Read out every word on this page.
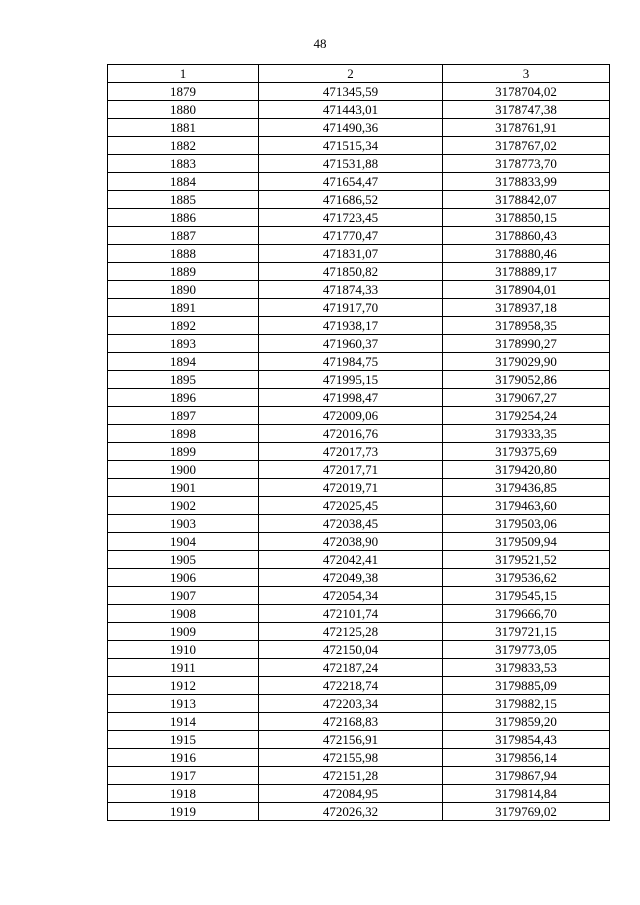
48
1	2	3
1879	471345,59	3178704,02
1880	471443,01	3178747,38
1881	471490,36	3178761,91
1882	471515,34	3178767,02
1883	471531,88	3178773,70
1884	471654,47	3178833,99
1885	471686,52	3178842,07
1886	471723,45	3178850,15
1887	471770,47	3178860,43
1888	471831,07	3178880,46
1889	471850,82	3178889,17
1890	471874,33	3178904,01
1891	471917,70	3178937,18
1892	471938,17	3178958,35
1893	471960,37	3178990,27
1894	471984,75	3179029,90
1895	471995,15	3179052,86
1896	471998,47	3179067,27
1897	472009,06	3179254,24
1898	472016,76	3179333,35
1899	472017,73	3179375,69
1900	472017,71	3179420,80
1901	472019,71	3179436,85
1902	472025,45	3179463,60
1903	472038,45	3179503,06
1904	472038,90	3179509,94
1905	472042,41	3179521,52
1906	472049,38	3179536,62
1907	472054,34	3179545,15
1908	472101,74	3179666,70
1909	472125,28	3179721,15
1910	472150,04	3179773,05
1911	472187,24	3179833,53
1912	472218,74	3179885,09
1913	472203,34	3179882,15
1914	472168,83	3179859,20
1915	472156,91	3179854,43
1916	472155,98	3179856,14
1917	472151,28	3179867,94
1918	472084,95	3179814,84
1919	472026,32	3179769,02
